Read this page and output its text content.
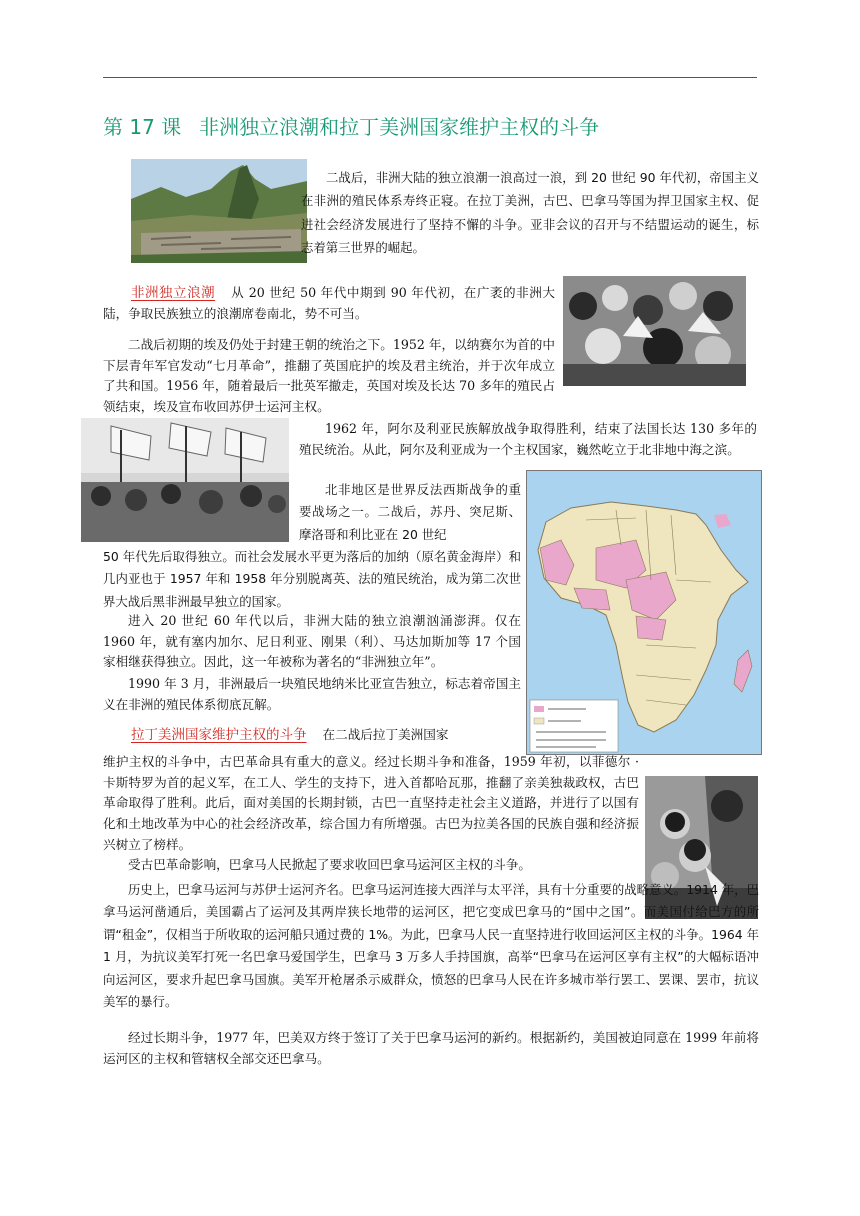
第 17 课 非洲独立浪潮和拉丁美洲国家维护主权的斗争

二战后，非洲大陆的独立浪潮一浪高过一浪，到 20 世纪 90 年代初，帝国主义在非洲的殖民体系寿终正寝。在拉丁美洲，古巴、巴拿马等国为捍卫国家主权、促进社会经济发展进行了坚持不懈的斗争。亚非会议的召开与不结盟运动的诞生，标志着第三世界的崛起。

非洲独立浪潮 从 20 世纪 50 年代中期到 90 年代初，在广袤的非洲大陆，争取民族独立的浪潮席卷南北，势不可当。

二战后初期的埃及仍处于封建王朝的统治之下。1952 年，以纳赛尔为首的中下层青年军官发动“七月革命”，推翻了英国庇护的埃及君主统治，并于次年成立了共和国。1956 年，随着最后一批英军撤走，英国对埃及长达 70 多年的殖民占领结束，埃及宣布收回苏伊士运河主权。

1962 年，阿尔及利亚民族解放战争取得胜利，结束了法国长达 130 多年的殖民统治。从此，阿尔及利亚成为一个主权国家，巍然屹立于北非地中海之滨。

北非地区是世界反法西斯战争的重要战场之一。二战后，苏丹、突尼斯、摩洛哥和利比亚在 20 世纪

50 年代先后取得独立。而社会发展水平更为落后的加纳（原名黄金海岸）和几内亚也于 1957 年和 1958 年分别脱离英、法的殖民统治，成为第二次世界大战后黑非洲最早独立的国家。

进入 20 世纪 60 年代以后，非洲大陆的独立浪潮汹涌澎湃。仅在 1960 年，就有塞内加尔、尼日利亚、刚果（利）、马达加斯加等 17 个国家相继获得独立。因此，这一年被称为著名的“非洲独立年”。

1990 年 3 月，非洲最后一块殖民地纳米比亚宣告独立，标志着帝国主义在非洲的殖民体系彻底瓦解。

拉丁美洲国家维护主权的斗争 在二战后拉丁美洲国家

维护主权的斗争中，古巴革命具有重大的意义。经过长期斗争和准备，1959 年初，以菲德尔 · 卡斯特罗为首的起义军，在工人、学生的支持下，进入首都哈瓦那，推翻了亲美独裁政权，古巴革命取得了胜利。此后，面对美国的长期封锁，古巴一直坚持走社会主义道路，并进行了以国有化和土地改革为中心的社会经济改革，综合国力有所增强。古巴为拉美各国的民族自强和经济振兴树立了榜样。

受古巴革命影响，巴拿马人民掀起了要求收回巴拿马运河区主权的斗争。

历史上，巴拿马运河与苏伊士运河齐名。巴拿马运河连接大西洋与太平洋，具有十分重要的战略意义。1914 年，巴拿马运河凿通后，美国霸占了运河及其两岸狭长地带的运河区，把它变成巴拿马的“国中之国”。而美国付给巴方的所谓“租金”，仅相当于所收取的运河船只通过费的 1%。为此，巴拿马人民一直坚持进行收回运河区主权的斗争。1964 年 1 月，为抗议美军打死一名巴拿马爱国学生，巴拿马 3 万多人手持国旗，高举“巴拿马在运河区享有主权”的大幅标语冲向运河区，要求升起巴拿马国旗。美军开枪屠杀示威群众，愤怒的巴拿马人民在许多城市举行罢工、罢课、罢市，抗议美军的暴行。

经过长期斗争，1977 年，巴美双方终于签订了关于巴拿马运河的新约。根据新约，美国被迫同意在 1999 年前将运河区的主权和管辖权全部交还巴拿马。
